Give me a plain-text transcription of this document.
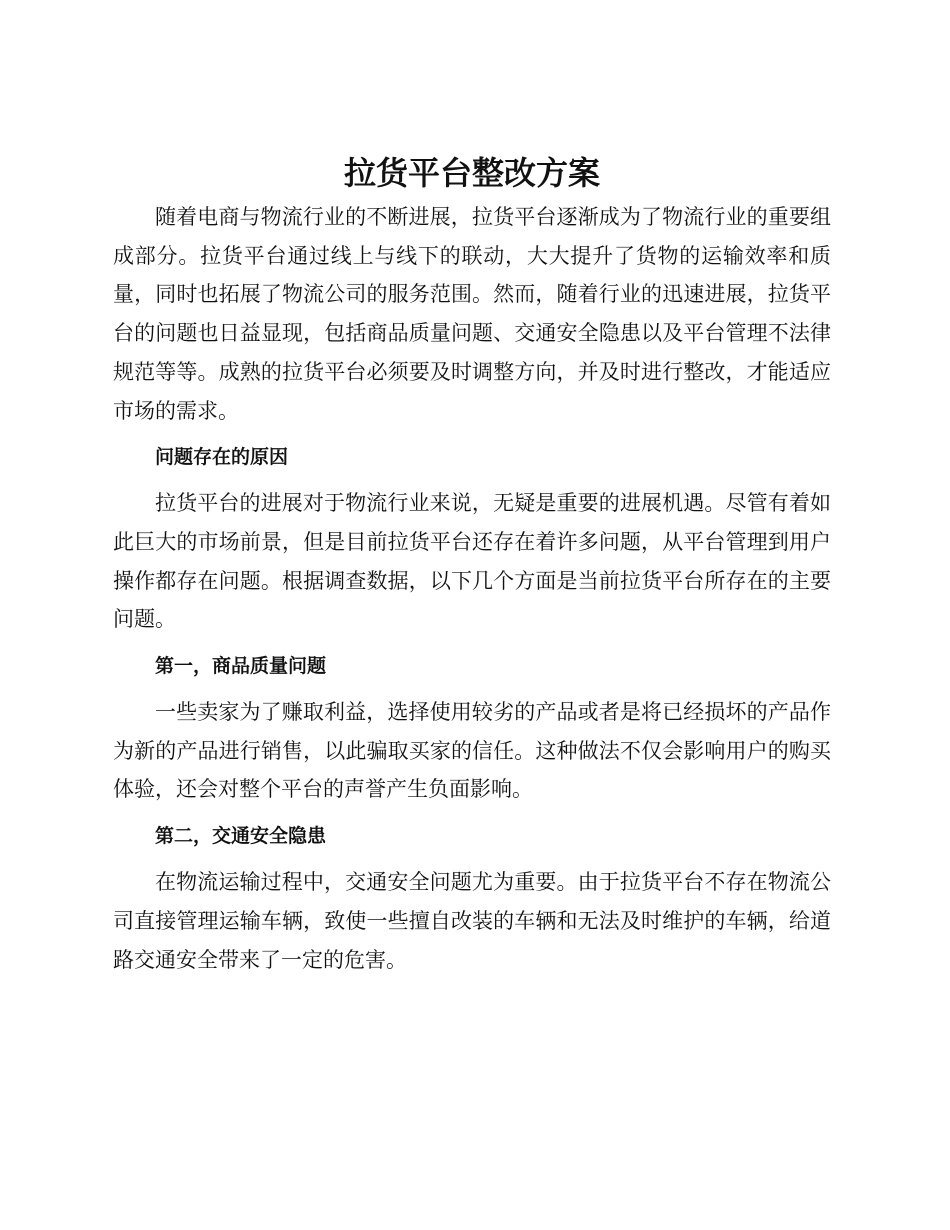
拉货平台整改方案

随着电商与物流行业的不断进展，拉货平台逐渐成为了物流行业的重要组成部分。拉货平台通过线上与线下的联动，大大提升了货物的运输效率和质量，同时也拓展了物流公司的服务范围。然而，随着行业的迅速进展，拉货平台的问题也日益显现，包括商品质量问题、交通安全隐患以及平台管理不法律规范等等。成熟的拉货平台必须要及时调整方向，并及时进行整改，才能适应市场的需求。

问题存在的原因

拉货平台的进展对于物流行业来说，无疑是重要的进展机遇。尽管有着如此巨大的市场前景，但是目前拉货平台还存在着许多问题，从平台管理到用户操作都存在问题。根据调查数据，以下几个方面是当前拉货平台所存在的主要问题。

第一，商品质量问题

一些卖家为了赚取利益，选择使用较劣的产品或者是将已经损坏的产品作为新的产品进行销售，以此骗取买家的信任。这种做法不仅会影响用户的购买体验，还会对整个平台的声誉产生负面影响。

第二，交通安全隐患

在物流运输过程中，交通安全问题尤为重要。由于拉货平台不存在物流公司直接管理运输车辆，致使一些擅自改装的车辆和无法及时维护的车辆，给道路交通安全带来了一定的危害。
